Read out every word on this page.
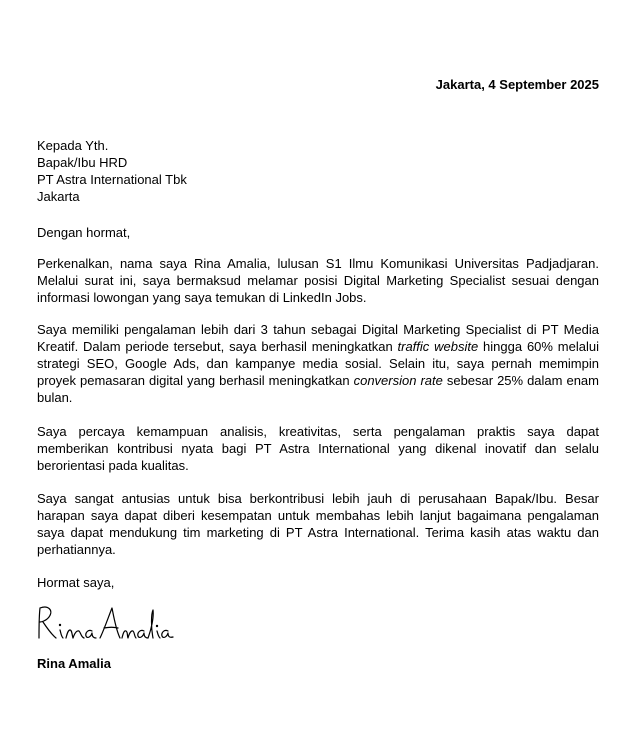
Jakarta, 4 September 2025
Kepada Yth.
Bapak/Ibu HRD
PT Astra International Tbk
Jakarta
Dengan hormat,

Perkenalkan, nama saya Rina Amalia, lulusan S1 Ilmu Komunikasi Universitas Padjadjaran. Melalui surat ini, saya bermaksud melamar posisi Digital Marketing Specialist sesuai dengan informasi lowongan yang saya temukan di LinkedIn Jobs.

Saya memiliki pengalaman lebih dari 3 tahun sebagai Digital Marketing Specialist di PT Media Kreatif. Dalam periode tersebut, saya berhasil meningkatkan traffic website hingga 60% melalui strategi SEO, Google Ads, dan kampanye media sosial. Selain itu, saya pernah memimpin proyek pemasaran digital yang berhasil meningkatkan conversion rate sebesar 25% dalam enam bulan.

Saya percaya kemampuan analisis, kreativitas, serta pengalaman praktis saya dapat memberikan kontribusi nyata bagi PT Astra International yang dikenal inovatif dan selalu berorientasi pada kualitas.

Saya sangat antusias untuk bisa berkontribusi lebih jauh di perusahaan Bapak/Ibu. Besar harapan saya dapat diberi kesempatan untuk membahas lebih lanjut bagaimana pengalaman saya dapat mendukung tim marketing di PT Astra International. Terima kasih atas waktu dan perhatiannya.

Hormat saya,
Rina Amalia
